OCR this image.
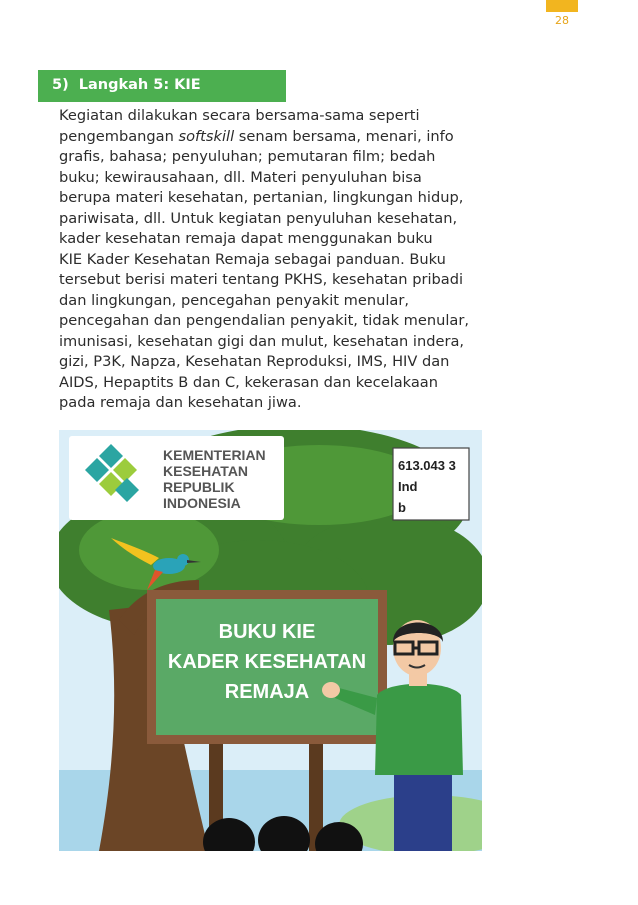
28
5) Langkah 5: KIE
Kegiatan dilakukan secara bersama-sama seperti
pengembangan softskill senam bersama, menari, info
grafis, bahasa; penyuluhan; pemutaran film; bedah
buku; kewirausahaan, dll. Materi penyuluhan bisa
berupa materi kesehatan, pertanian, lingkungan hidup,
pariwisata, dll. Untuk kegiatan penyuluhan kesehatan,
kader kesehatan remaja dapat menggunakan buku
KIE Kader Kesehatan Remaja sebagai panduan. Buku
tersebut berisi materi tentang PKHS, kesehatan pribadi
dan lingkungan, pencegahan penyakit menular,
pencegahan dan pengendalian penyakit, tidak menular,
imunisasi, kesehatan gigi dan mulut, kesehatan indera,
gizi, P3K, Napza, Kesehatan Reproduksi, IMS, HIV dan
AIDS, Hepaptits B dan C, kekerasan dan kecelakaan
pada remaja dan kesehatan jiwa.
BUKU KIE
KADER KESEHATAN
REMAJA
KEMENTERIAN
KESEHATAN
REPUBLIK
INDONESIA
613.043 3
Ind
b
